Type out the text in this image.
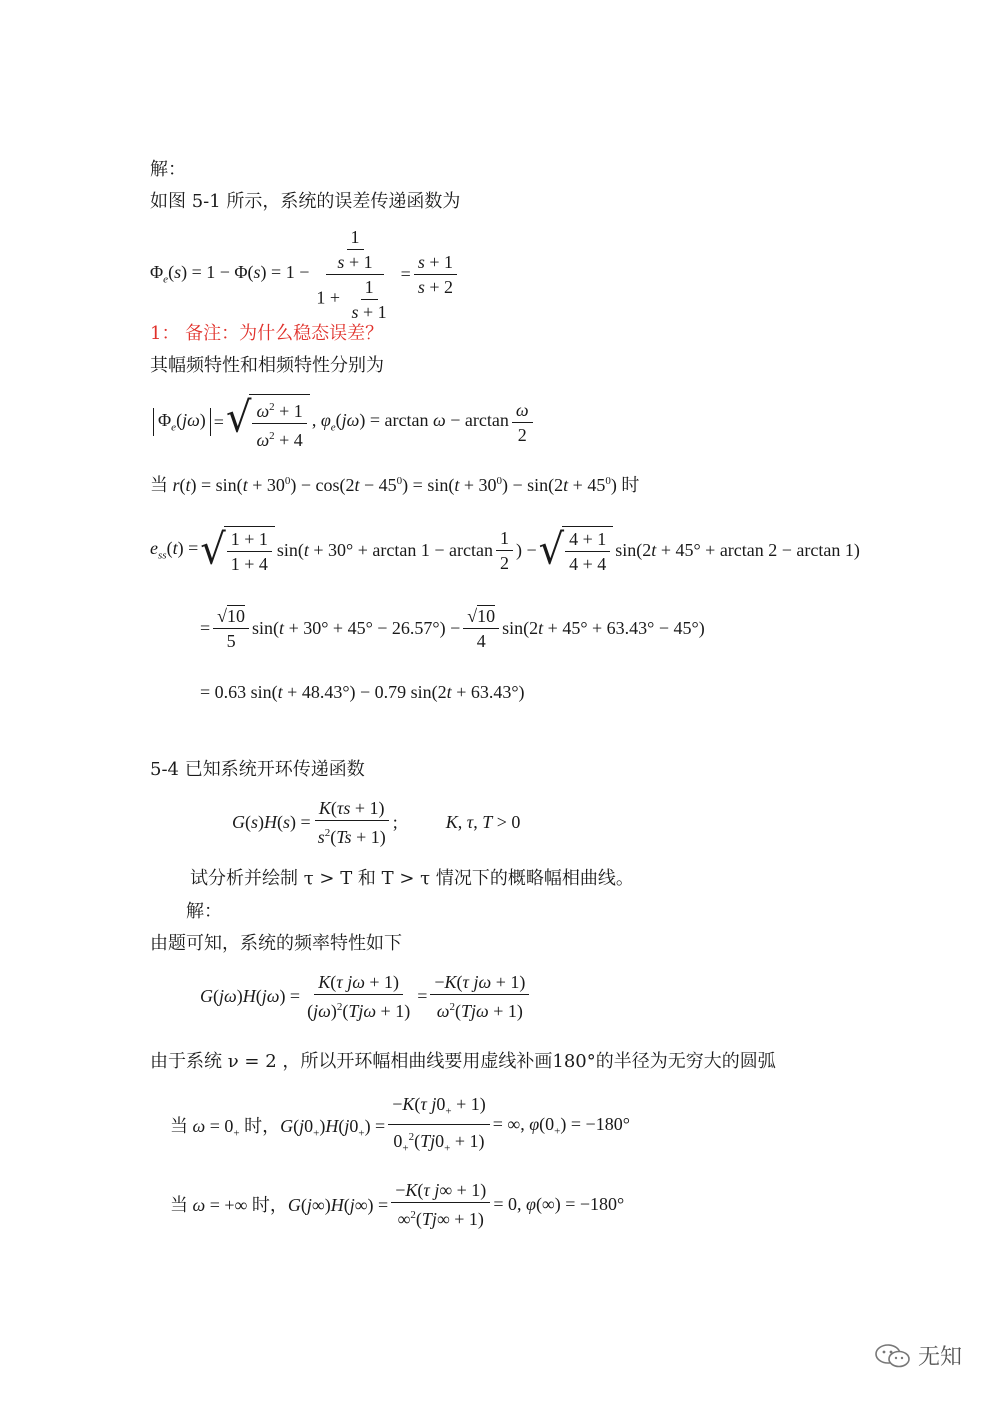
解：
如图 5-1 所示，系统的误差传递函数为
$\Phi_e(s) = 1 - \Phi(s) = 1 - \frac{\frac{1}{s + 1}}{1 + \frac{1}{s + 1}} = \frac{s + 1}{s + 2}$
1： 备注：为什么稳态误差？
其幅频特性和相频特性分别为
$\Phi_e(j\omega)$ = √ $\frac{\omega^2 + 1}{\omega^2 + 4}$ , $\varphi_e(j\omega) = \arctan \omega - \arctan \frac{\omega}{2}$
当 $r(t) = \sin(t + 30^0) - \cos(2t - 45^0) = \sin(t + 30^0) - \sin(2t + 45^0)$ 时
$e_{ss}(t)$ = √ $\frac{1 + 1}{1 + 4} \sin(t + 30^\circ + \arctan 1 - \arctan \frac{1}{2}$ ) − √ $\frac{4 + 1}{4 + 4} \sin(2t + 45^\circ + \arctan 2 - \arctan 1)$
= $\frac{√10}{5} \sin(t + 30^\circ + 45^\circ - 26.57^\circ) - \frac{√10}{4} \sin(2t + 45^\circ + 63.43^\circ - 45^\circ)$
= 0.63 sin(t + 48.43°) − 0.79 sin(2t + 63.43°)
5-4 已知系统开环传递函数
$G(s)H(s) = \frac{K(\tau s + 1)}{s^2(Ts + 1)}$ ;	K, τ, T > 0
试分析并绘制 τ > T 和 T > τ 情况下的概略幅相曲线。
解：
由题可知，系统的频率特性如下
$G(j\omega)H(j\omega) = \frac{\text{K(τ jω + 1)}}{(j\omega)^2(Tj\omega + 1)} = \frac{\text{−K(τ jω + 1)}}{\omega^2(Tj\omega + 1)}$
由于系统 ν = 2 ，所以开环幅相曲线要用虚线补画180°的半径为无穷大的圆弧
当 $\omega = 0_+$ 时，$G(j0_+)H(j0_+) = \frac{-K(\tau j0_+ + 1)}{0_+^2(Tj0_+ + 1)}$ = ∞, $\varphi(0_+) = -180^\circ$
当 ω = +∞ 时，$G(j\infty)H(j\infty) = \frac{\text{−K(τ j∞ + 1)}}{\infty^2(Tj\infty + 1)} = 0$, φ(∞) = −180°
无知
